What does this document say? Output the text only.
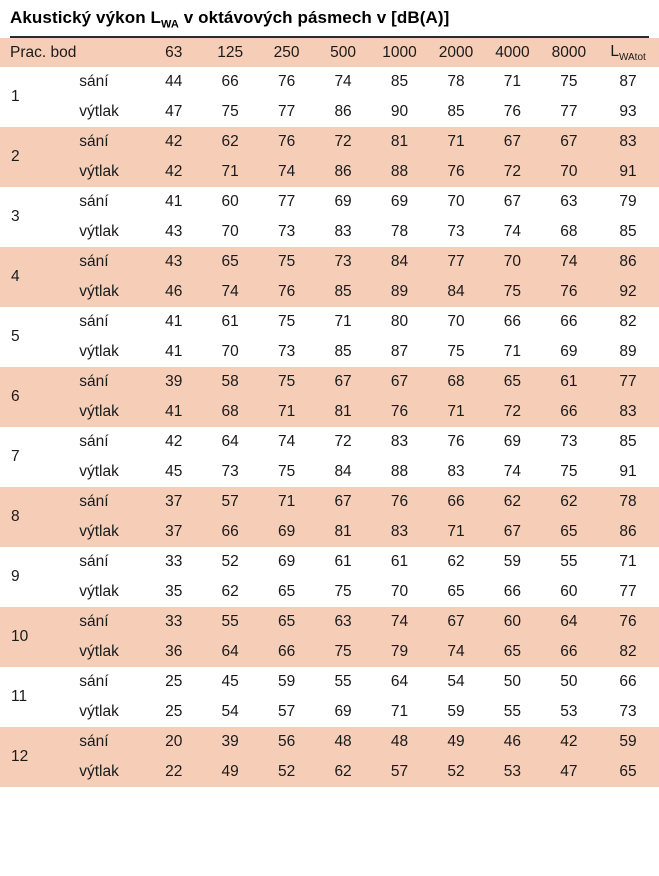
Akustický výkon $L_{WA}$ v oktávových pásmech v [dB(A)]
Prac. bod		63	125	250	500	1000	2000	4000	8000	$L_{WAtot}$
1	sání	44	66	76	74	85	78	71	75	87
	výtlak	47	75	77	86	90	85	76	77	93
2	sání	42	62	76	72	81	71	67	67	83
	výtlak	42	71	74	86	88	76	72	70	91
3	sání	41	60	77	69	69	70	67	63	79
	výtlak	43	70	73	83	78	73	74	68	85
4	sání	43	65	75	73	84	77	70	74	86
	výtlak	46	74	76	85	89	84	75	76	92
5	sání	41	61	75	71	80	70	66	66	82
	výtlak	41	70	73	85	87	75	71	69	89
6	sání	39	58	75	67	67	68	65	61	77
	výtlak	41	68	71	81	76	71	72	66	83
7	sání	42	64	74	72	83	76	69	73	85
	výtlak	45	73	75	84	88	83	74	75	91
8	sání	37	57	71	67	76	66	62	62	78
	výtlak	37	66	69	81	83	71	67	65	86
9	sání	33	52	69	61	61	62	59	55	71
	výtlak	35	62	65	75	70	65	66	60	77
10	sání	33	55	65	63	74	67	60	64	76
	výtlak	36	64	66	75	79	74	65	66	82
11	sání	25	45	59	55	64	54	50	50	66
	výtlak	25	54	57	69	71	59	55	53	73
12	sání	20	39	56	48	48	49	46	42	59
	výtlak	22	49	52	62	57	52	53	47	65
